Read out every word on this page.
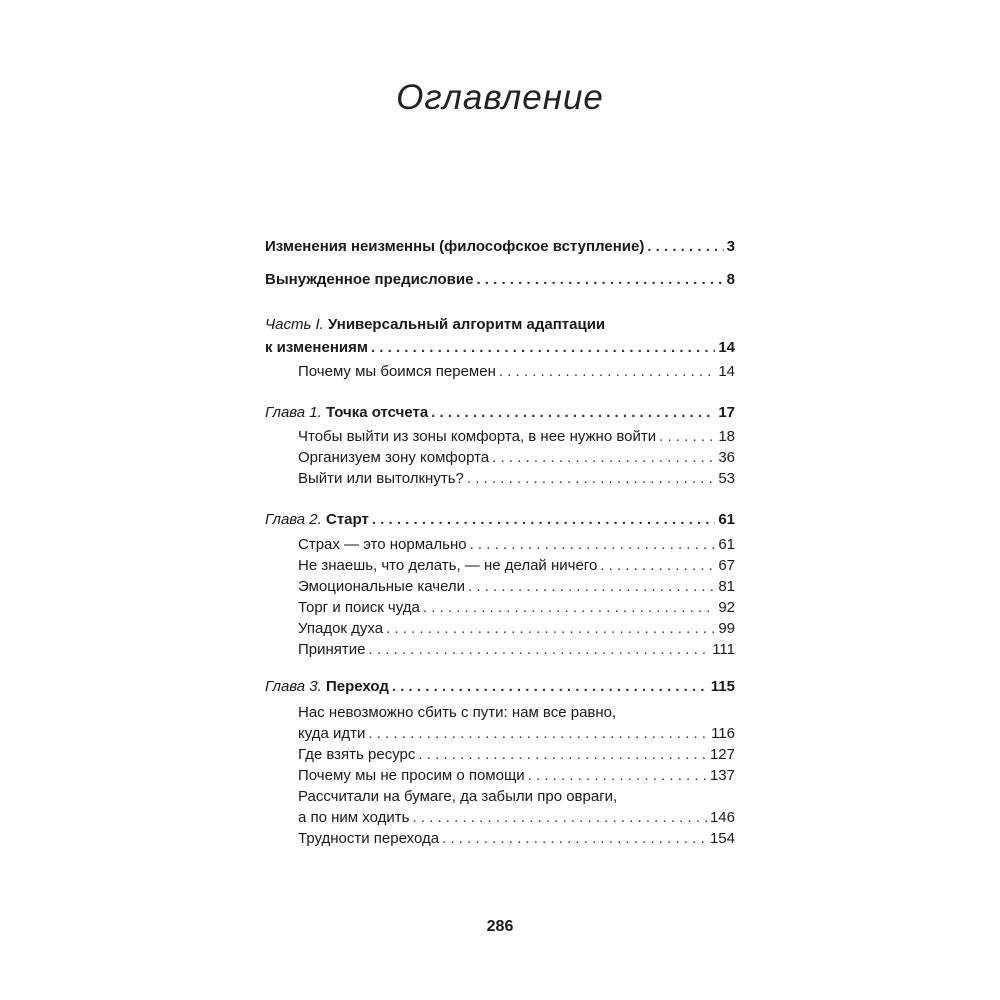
Оглавление
Изменения неизменны (философское вступление) . . .	3
Вынужденное предисловие . . .	8
Часть I. Универсальный алгоритм адаптации
к изменениям . . .	14
Почему мы боимся перемен . . .	14
Глава 1.
Точка отсчета . . .	17
Чтобы выйти из зоны комфорта, в нее нужно войти . . .	18
Организуем зону комфорта . . .	36
Выйти или вытолкнуть? . . .	53
Глава 2.
Старт . . .	61
Страх — это нормально . . .	61
Не знаешь, что делать, — не делай ничего . . .	67
Эмоциональные качели . . .	81
Торг и поиск чуда . . .	92
Упадок духа . . .	99
Принятие . . .	111
Глава 3.
Переход . . .	115
Нас невозможно сбить с пути: нам все равно,
куда идти . . .	116
Где взять ресурс . . .	127
Почему мы не просим о помощи . . .	137
Рассчитали на бумаге, да забыли про овраги,
а по ним ходить . . .	146
Трудности перехода . . .	154
286
